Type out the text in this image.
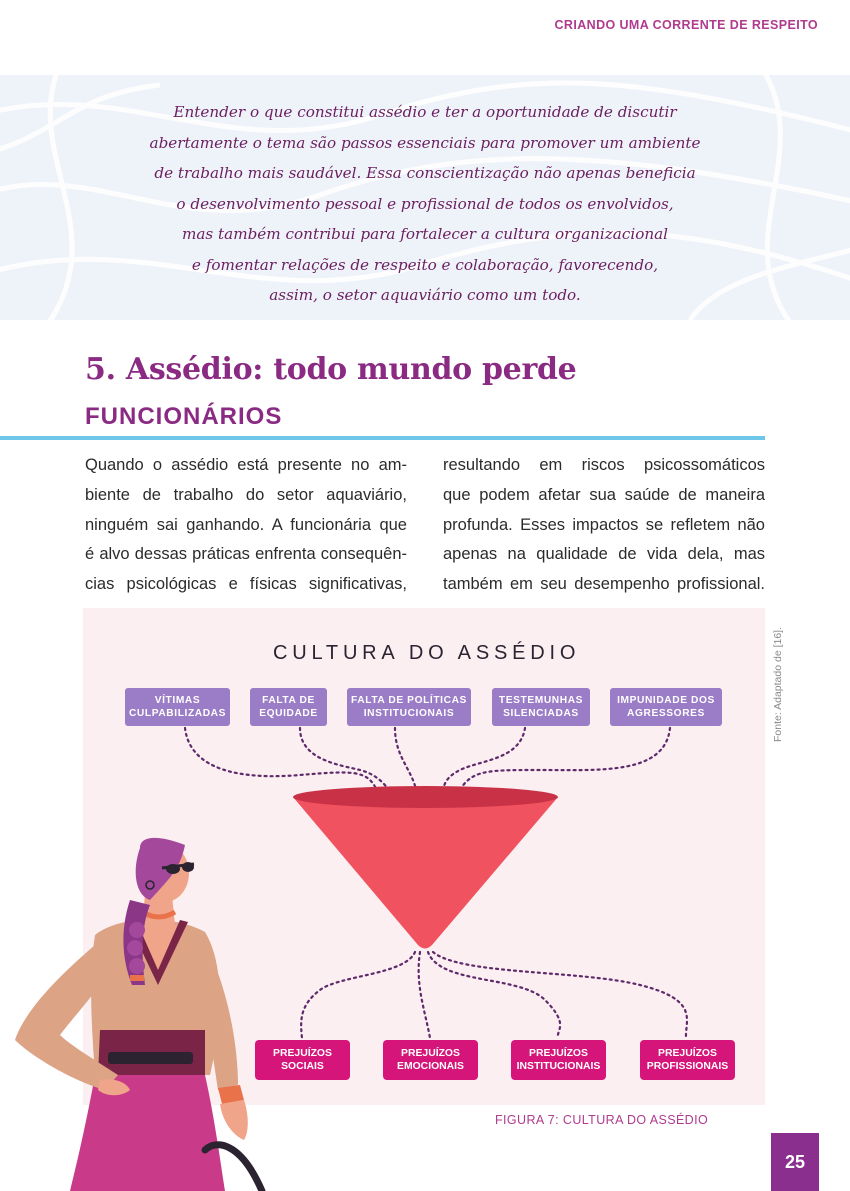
CRIANDO UMA CORRENTE DE RESPEITO
Entender o que constitui assédio e ter a oportunidade de discutir
abertamente o tema são passos essenciais para promover um ambiente
de trabalho mais saudável. Essa conscientização não apenas beneficia
o desenvolvimento pessoal e profissional de todos os envolvidos,
mas também contribui para fortalecer a cultura organizacional
e fomentar relações de respeito e colaboração, favorecendo,
assim, o setor aquaviário como um todo.
5. Assédio: todo mundo perde
FUNCIONÁRIOS
Quando o assédio está presente no am-
biente de trabalho do setor aquaviário,
ninguém sai ganhando. A funcionária que
é alvo dessas práticas enfrenta consequên-
cias psicológicas e físicas significativas,
resultando em riscos psicossomáticos
que podem afetar sua saúde de maneira
profunda. Esses impactos se refletem não
apenas na qualidade de vida dela, mas
também em seu desempenho profissional.
CULTURA DO ASSÉDIO
VÍTIMAS
CULPABILIZADAS
FALTA DE
EQUIDADE
FALTA DE POLÍTICAS
INSTITUCIONAIS
TESTEMUNHAS
SILENCIADAS
IMPUNIDADE DOS
AGRESSORES
PREJUÍZOS
SOCIAIS
PREJUÍZOS
EMOCIONAIS
PREJUÍZOS
INSTITUCIONAIS
PREJUÍZOS
PROFISSIONAIS
Fonte: Adaptado de [16].
FIGURA 7: CULTURA DO ASSÉDIO
25
